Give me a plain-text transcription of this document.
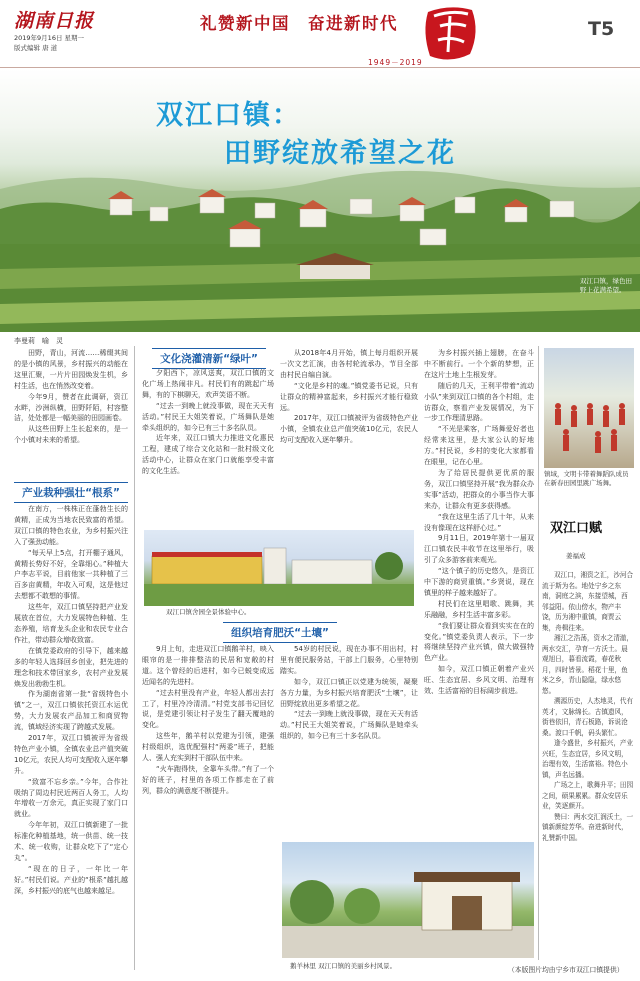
湖南日报
2019年9月16日 星期一
版式编辑 唐 道
礼赞新中国　奋进新时代
1949－2019
T5
双江口镇：
田野绽放希望之花
双江口镇，绿色田野上花满希望。
李曼莉　喻　灵

田野，青山，河流……稀缀其间的是小镇的风景，乡村振兴的动能在这里汇聚，一片片田园焕发生机，乡村生活，也在悄然改变着。

今年9月，赞者在此调研，资江水畔，沙洲纵横，田野阡陌，村容整洁，处处都是一幅美丽的田园画卷。

从这些田野上生长起来的，是一个小镇对未来的希望。

产业栽种强壮“根系”

在南方，一株株正在蓬勃生长的黄精，正成为当地农民致富的希望。双江口镇的特色农业，为乡村振兴注入了强劲动能。

“每天早上5点，打开棚子通风，黄精长势好不好，全靠细心。”种植大户李志平说，目前他家一共种植了三百多亩黄精，年收入可观，这是他过去想都不敢想的事情。

这些年，双江口镇坚持把产业发展放在首位，大力发展特色种植、生态养殖，培育龙头企业和农民专业合作社，带动群众增收致富。

在镇党委政府的引导下，越来越多的年轻人选择回乡创业，把先进的理念和技术带回家乡，农村产业发展焕发出勃勃生机。

作为湖南省第一批“省级特色小镇”之一，双江口镇依托资江水运优势，大力发展农产品加工和商贸物流，镇域经济实现了跨越式发展。

2017年，双江口镇被评为省级特色产业小镇，全镇农业总产值突破10亿元，农民人均可支配收入逐年攀升。

“致富不忘乡亲。”今年，合作社吸纳了周边村民近两百人务工，人均年增收一万余元，真正实现了家门口就业。

今年年初，双江口镇新建了一批标准化种植基地，统一供苗、统一技术、统一收购，让群众吃下了“定心丸”。

“现在的日子，一年比一年好。”村民们说。产业的“根系”越扎越深，乡村振兴的底气也越来越足。

文化浇灌清新“绿叶”

夕阳西下，凉风送爽，双江口镇的文化广场上热闹非凡。村民们有的跳起广场舞，有的下棋聊天，欢声笑语不断。

“过去一到晚上就没事做，现在天天有活动。”村民王大姐笑着说，广场舞队是她牵头组织的，如今已有三十多名队员。

近年来，双江口镇大力推进文化惠民工程，建成了综合文化站和一批村级文化活动中心，让群众在家门口就能享受丰富的文化生活。

从2018年4月开始，镇上每月组织开展一次文艺汇演，由各村轮流承办，节目全部由村民自编自演。

“文化是乡村的魂。”镇党委书记说，只有让群众的精神富起来，乡村振兴才能行稳致远。

2017年，双江口镇被评为省级特色产业小镇，全镇农业总产值突破10亿元，农民人均可支配收入逐年攀升。

双江口镇舍园全景体验中心。
组织培育肥沃“土壤”

9月上旬，走进双江口镇鹅羊村，映入眼帘的是一排排整洁的民居和宽敞的村道。这个曾经的后进村，如今已蜕变成远近闻名的先进村。

“过去村里没有产业，年轻人都出去打工了，村里冷冷清清。”村党支部书记回忆说，是党建引领让村子发生了翻天覆地的变化。

这些年，鹅羊村以党建为引领，建强村级组织，选优配强村“两委”班子，把能人、强人充实到村干部队伍中来。

“火车跑得快，全靠车头带。”有了一个好的班子，村里的各项工作都走在了前列，群众的满意度不断提升。

54岁的村民说，现在办事不用出村，村里有便民服务站，干部上门服务，心里特别踏实。

如今，双江口镇正以党建为统领，凝聚各方力量，为乡村振兴培育肥沃“土壤”，让田野绽放出更多希望之花。

“过去一到晚上就没事做，现在天天有活动。”村民王大姐笑着说，广场舞队是她牵头组织的，如今已有三十多名队员。

为乡村振兴插上翅膀，在奋斗中不断前行。一个个新的梦想，正在这片土地上生根发芽。

随后的几天，王利平带着“流动小队”来到双江口镇的各个村组，走访群众，察看产业发展情况，为下一步工作理清思路。

“不光是乘客，广场舞爱好者也经常来这里，是大家公认的好地方。”村民说，乡村的变化大家都看在眼里，记在心里。

为了给居民提供更优质的服务，双江口镇坚持开展“我为群众办实事”活动，把群众的小事当作大事来办，让群众有更多获得感。

“我在这里生活了几十年，从来没有像现在这样舒心过。”

9月11日，2019年第十一届双江口镇农民丰收节在这里举行，吸引了众多游客前来观光。

“这个镇子的历史悠久，是资江中下游的商贸重镇。”乡贤说，现在镇里的样子越来越好了。

村民们在这里唱歌、跳舞，其乐融融，乡村生活丰富多彩。

“我们要让群众看到实实在在的变化。”镇党委负责人表示，下一步将继续坚持产业兴镇，做大做强特色产业。

如今，双江口镇正朝着产业兴旺、生态宜居、乡风文明、治理有效、生活富裕的目标阔步前进。

镇域，文明卡带着舞蹈队成员在新春田园里跳广场舞。
双江口赋
姜福成

双江口，湘资之汇，沙河合流于斯为名。地处宁乡之东南，洞庭之滨，东接望城，西邻益阳。依山傍水，物产丰饶，历为湘中重镇，商贾云集，舟楫往来。

湘江之浩荡，资水之清澈，两水交汇，孕育一方沃土。晨观旭日，暮看流霞，春花秋月，四时皆景。稻花十里，鱼米之乡，青山隐隐，绿水悠悠。

溯源历史，人杰地灵，代有英才，文脉绵长。古镇遗风，街巷依旧，青石板路，诉说沧桑。渡口千帆，码头繁忙。

逢今盛世，乡村振兴，产业兴旺，生态宜居，乡风文明，治理有效，生活富裕。特色小镇，声名远播。

广场之上，歌舞升平；田园之间，硕果累累。群众安居乐业，笑逐颜开。

赞曰：两水交汇润沃土，一镇新颜绽芳华。奋进新时代，礼赞新中国。

鹅羊林里 双江口镇的美丽乡村风景。	（本版图片均由宁乡市双江口镇提供）
